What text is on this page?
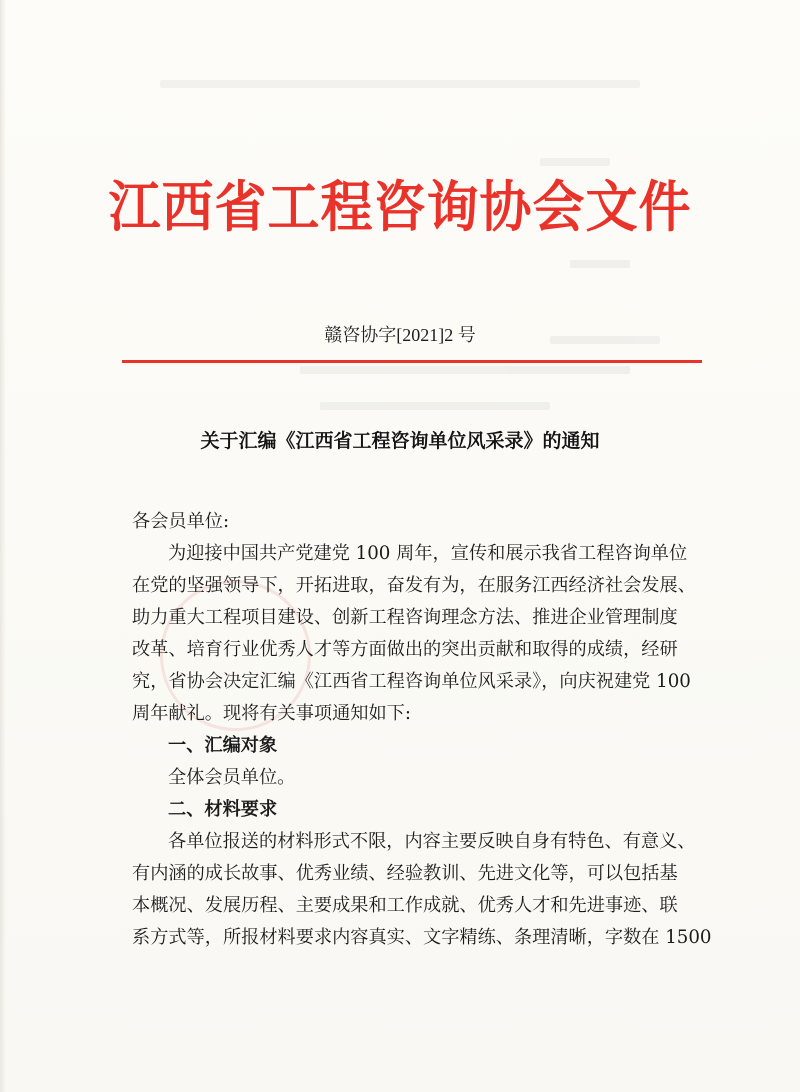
江西省工程咨询协会文件
赣咨协字[2021]2 号
关于汇编《江西省工程咨询单位风采录》的通知
各会员单位:
为迎接中国共产党建党 100 周年，宣传和展示我省工程咨询单位
在党的坚强领导下，开拓进取，奋发有为，在服务江西经济社会发展、
助力重大工程项目建设、创新工程咨询理念方法、推进企业管理制度
改革、培育行业优秀人才等方面做出的突出贡献和取得的成绩，经研
究，省协会决定汇编《江西省工程咨询单位风采录》，向庆祝建党 100
周年献礼。现将有关事项通知如下:
一、汇编对象
全体会员单位。
二、材料要求
各单位报送的材料形式不限，内容主要反映自身有特色、有意义、
有内涵的成长故事、优秀业绩、经验教训、先进文化等，可以包括基
本概况、发展历程、主要成果和工作成就、优秀人才和先进事迹、联
系方式等，所报材料要求内容真实、文字精练、条理清晰，字数在 1500
